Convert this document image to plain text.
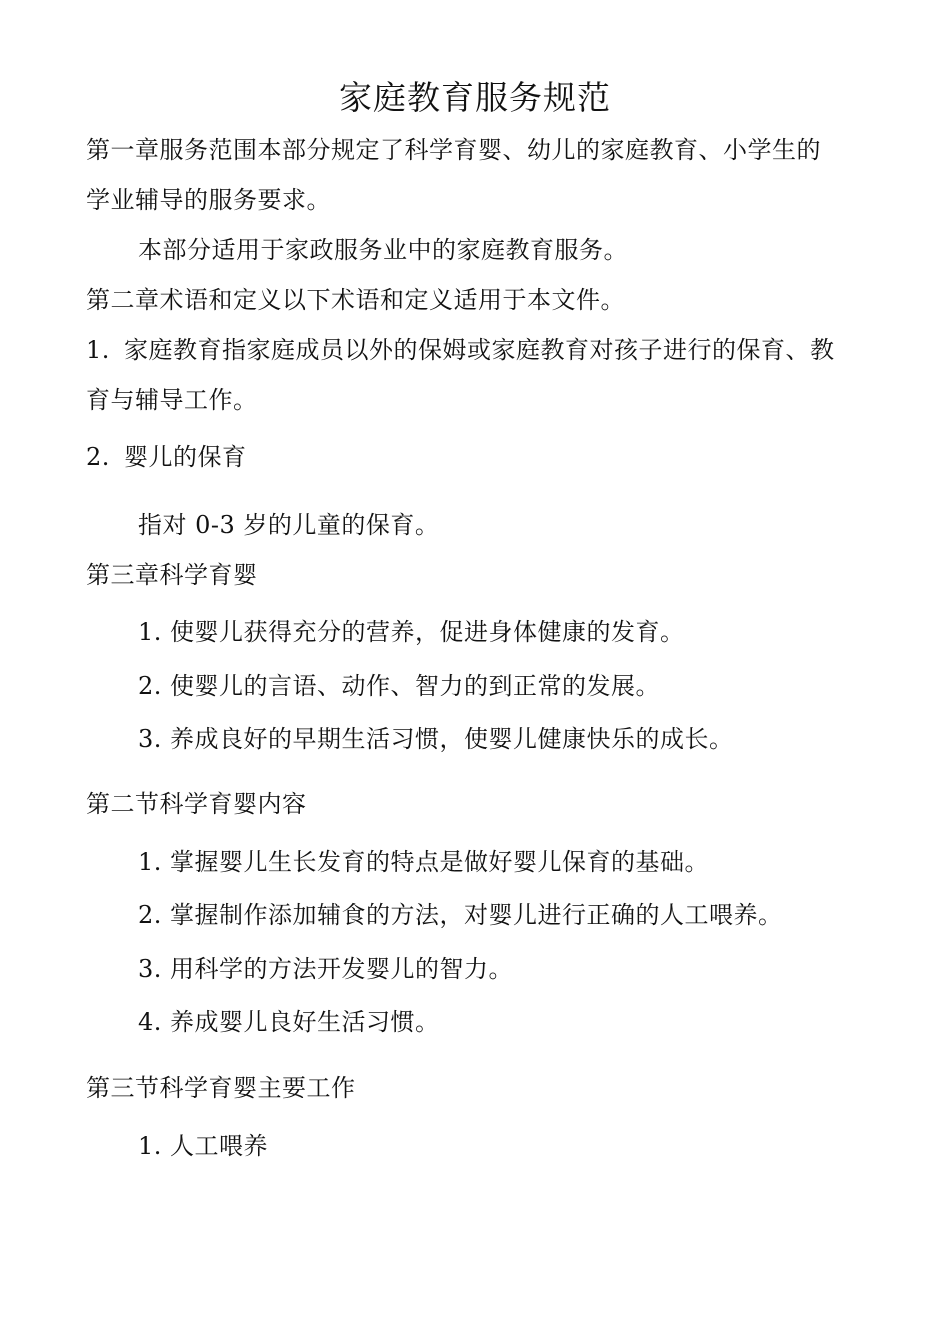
家庭教育服务规范
第一章服务范围本部分规定了科学育婴、幼儿的家庭教育、小学生的
学业辅导的服务要求。
本部分适用于家政服务业中的家庭教育服务。
第二章术语和定义以下术语和定义适用于本文件。
1. 家庭教育指家庭成员以外的保姆或家庭教育对孩子进行的保育、教
育与辅导工作。
2. 婴儿的保育
指对 0-3 岁的儿童的保育。
第三章科学育婴
1. 使婴儿获得充分的营养，促进身体健康的发育。
2. 使婴儿的言语、动作、智力的到正常的发展。
3. 养成良好的早期生活习惯，使婴儿健康快乐的成长。
第二节科学育婴内容
1. 掌握婴儿生长发育的特点是做好婴儿保育的基础。
2. 掌握制作添加辅食的方法，对婴儿进行正确的人工喂养。
3. 用科学的方法开发婴儿的智力。
4. 养成婴儿良好生活习惯。
第三节科学育婴主要工作
1. 人工喂养
